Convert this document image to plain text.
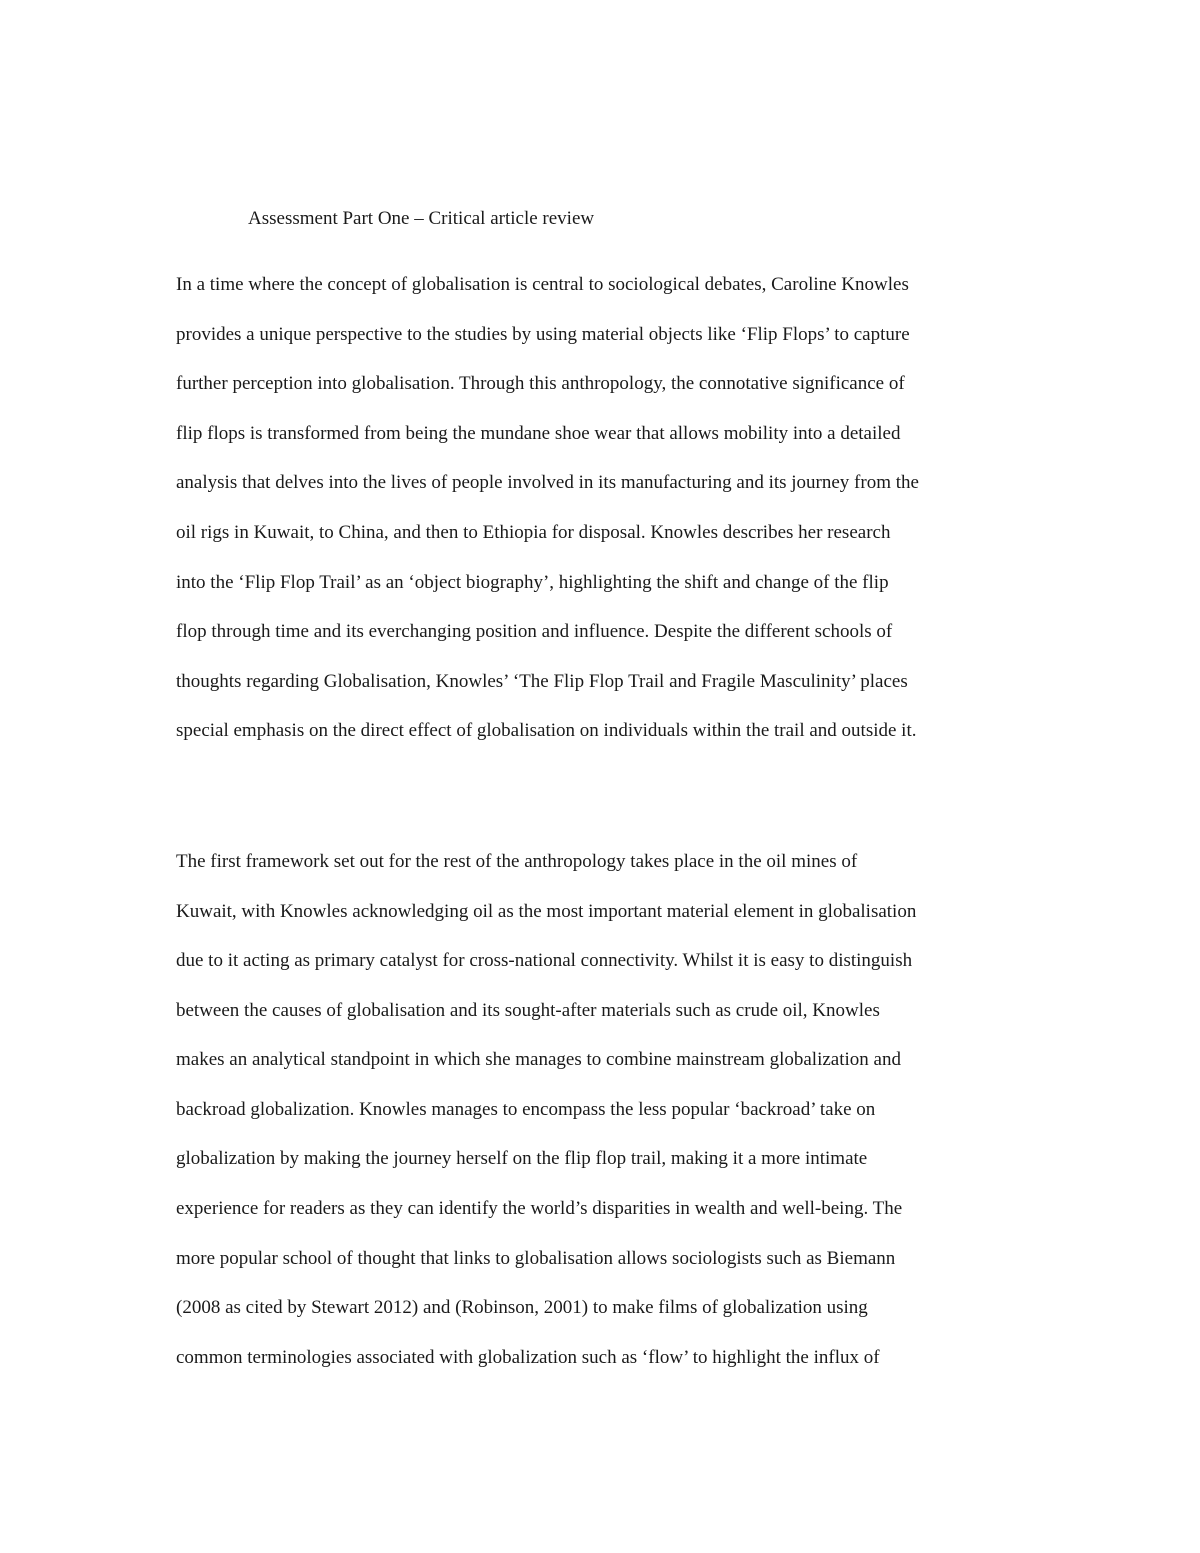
Assessment Part One – Critical article review

In a time where the concept of globalisation is central to sociological debates, Caroline Knowles

provides a unique perspective to the studies by using material objects like ‘Flip Flops’ to capture

further perception into globalisation. Through this anthropology, the connotative significance of

flip flops is transformed from being the mundane shoe wear that allows mobility into a detailed

analysis that delves into the lives of people involved in its manufacturing and its journey from the

oil rigs in Kuwait, to China, and then to Ethiopia for disposal. Knowles describes her research

into the ‘Flip Flop Trail’ as an ‘object biography’, highlighting the shift and change of the flip

flop through time and its everchanging position and influence. Despite the different schools of

thoughts regarding Globalisation, Knowles’ ‘The Flip Flop Trail and Fragile Masculinity’ places

special emphasis on the direct effect of globalisation on individuals within the trail and outside it.

The first framework set out for the rest of the anthropology takes place in the oil mines of

Kuwait, with Knowles acknowledging oil as the most important material element in globalisation

due to it acting as primary catalyst for cross-national connectivity. Whilst it is easy to distinguish

between the causes of globalisation and its sought-after materials such as crude oil, Knowles

makes an analytical standpoint in which she manages to combine mainstream globalization and

backroad globalization. Knowles manages to encompass the less popular ‘backroad’ take on

globalization by making the journey herself on the flip flop trail, making it a more intimate

experience for readers as they can identify the world’s disparities in wealth and well-being. The

more popular school of thought that links to globalisation allows sociologists such as Biemann

(2008 as cited by Stewart 2012) and (Robinson, 2001) to make films of globalization using

common terminologies associated with globalization such as ‘flow’ to highlight the influx of
